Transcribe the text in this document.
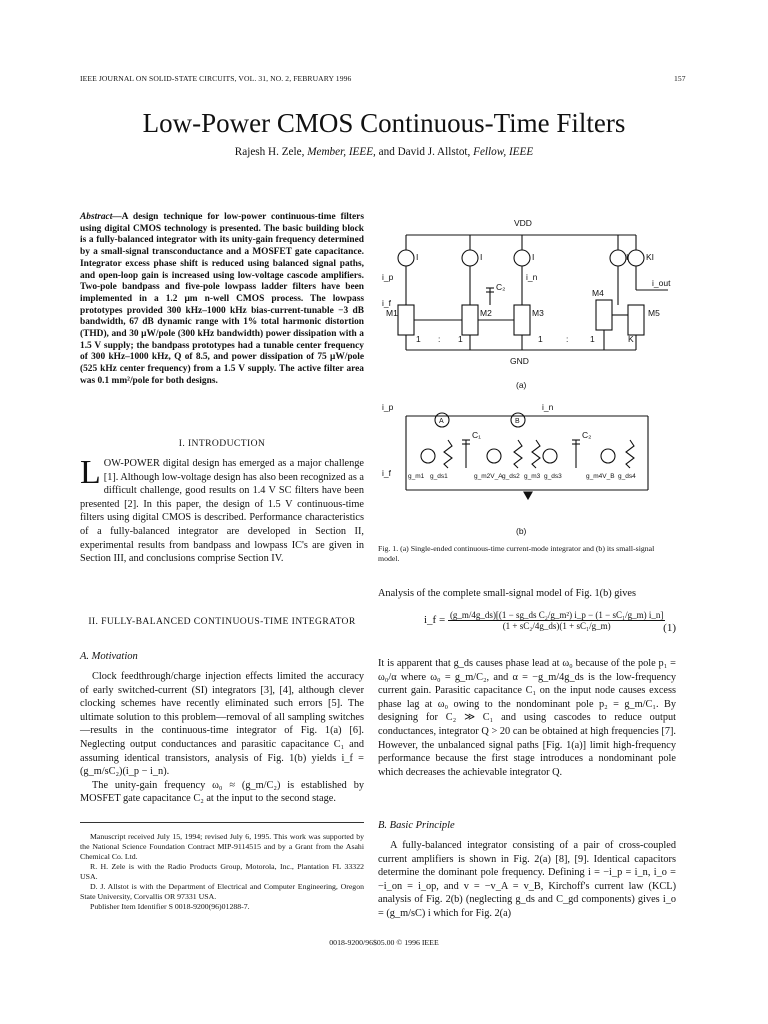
IEEE JOURNAL ON SOLID-STATE CIRCUITS, VOL. 31, NO. 2, FEBRUARY 1996	157
Low-Power CMOS Continuous-Time Filters
Rajesh H. Zele, Member, IEEE, and David J. Allstot, Fellow, IEEE
Abstract—A design technique for low-power continuous-time filters using digital CMOS technology is presented. The basic building block is a fully-balanced integrator with its unity-gain frequency determined by a small-signal transconductance and a MOSFET gate capacitance. Integrator excess phase shift is reduced using balanced signal paths, and open-loop gain is increased using low-voltage cascode amplifiers. Two-pole bandpass and five-pole lowpass ladder filters have been implemented in a 1.2 μm n-well CMOS process. The lowpass prototypes provided 300 kHz–1000 kHz bias-current-tunable −3 dB bandwidth, 67 dB dynamic range with 1% total harmonic distortion (THD), and 30 μW/pole (300 kHz bandwidth) power dissipation with a 1.5 V supply; the bandpass prototypes had a tunable center frequency of 300 kHz–1000 kHz, Q of 8.5, and power dissipation of 75 μW/pole (525 kHz center frequency) from a 1.5 V supply. The active filter area was 0.1 mm²/pole for both designs.
I. INTRODUCTION
LOW-POWER digital design has emerged as a major challenge [1]. Although low-voltage design has also been recognized as a difficult challenge, good results on 1.4 V SC filters have been presented [2]. In this paper, the design of 1.5 V continuous-time filters using digital CMOS is described. Performance characteristics of a fully-balanced integrator are developed in Section II, experimental results from bandpass and lowpass IC's are given in Section III, and conclusions comprise Section IV.
II. FULLY-BALANCED CONTINUOUS-TIME INTEGRATOR
A. Motivation

Clock feedthrough/charge injection effects limited the accuracy of early switched-current (SI) integrators [3], [4], although clever clocking schemes have recently eliminated such errors [5]. The ultimate solution to this problem—removal of all sampling switches—results in the continuous-time integrator of Fig. 1(a) [6]. Neglecting output conductances and parasitic capacitance C₁ and assuming identical transistors, analysis of Fig. 1(b) yields i_f = (g_m/sC₂)(i_p − i_n).

The unity-gain frequency ω₀ ≈ (g_m/C₂) is established by MOSFET gate capacitance C₂ at the input to the second stage.

Manuscript received July 15, 1994; revised July 6, 1995. This work was supported by the National Science Foundation Contract MIP-9114515 and by a Grant from the Asahi Chemical Co. Ltd.

R. H. Zele is with the Radio Products Group, Motorola, Inc., Plantation FL 33322 USA.

D. J. Allstot is with the Department of Electrical and Computer Engineering, Oregon State University, Corvallis OR 97331 USA.

Publisher Item Identifier S 0018-9200(96)01288-7.

VDD
I	I	I	I KI
i_p
i_f
i_n
i_out
M1	M2	M3
M4
M5
C₂
1 : 1	1	:	1	K
GND
(a)
A	B
i_p
i_f
i_n
C₁	C₂
g_m1 g_ds1	g_m2V_A g_ds2 g_m3 g_ds3	g_m4V_B g_ds4
(b)
Fig. 1. (a) Single-ended continuous-time current-mode integrator and (b) its small-signal model.
Analysis of the complete small-signal model of Fig. 1(b) gives
i_f = $\frac{\text{(g\_m/4g\_ds)[(1 − sg\_ds C₂/g\_m²) i\_p − (1 − sC₁/g\_m) i\_n]}}{\text{(1 + sC₂/4g\_ds)(1 + sC₁/g\_m)}}$
(1)

It is apparent that g_ds causes phase lead at ω₀ because of the pole p₁ = ω₀/α where ω₀ = g_m/C₂, and α = −g_m/4g_ds is the low-frequency current gain. Parasitic capacitance C₁ on the input node causes excess phase lag at ω₀ owing to the nondominant pole p₂ = g_m/C₁. By designing for C₂ ≫ C₁ and using cascodes to reduce output conductances, integrator Q > 20 can be obtained at high frequencies [7]. However, the unbalanced signal paths [Fig. 1(a)] limit high-frequency performance because the first stage introduces a nondominant pole which decreases the achievable integrator Q.

B. Basic Principle

A fully-balanced integrator consisting of a pair of cross-coupled current amplifiers is shown in Fig. 2(a) [8], [9]. Identical capacitors determine the dominant pole frequency. Defining i = −i_p = i_n, i_o = −i_on = i_op, and v = −v_A = v_B, Kirchoff's current law (KCL) analysis of Fig. 2(b) (neglecting g_ds and C_gd components) gives i_o = (g_m/sC) i which for Fig. 2(a)

0018-9200/96$05.00 © 1996 IEEE
